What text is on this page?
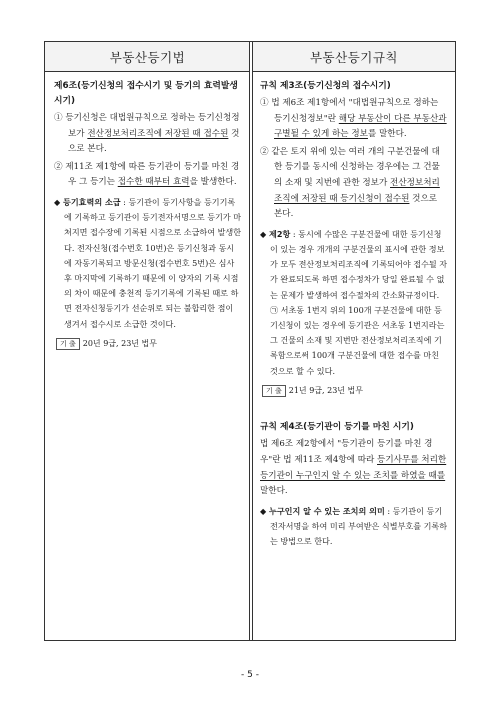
부동산등기법	부동산등기규칙
제6조(등기신청의 접수시기 및 등기의 효력발생시기)
① 등기신청은 대법원규칙으로 정하는 등기신청정보가 전산정보처리조직에 저장된 때 접수된 것으로 본다.
② 제11조 제1항에 따른 등기관이 등기를 마친 경우 그 등기는 접수한 때부터 효력을 발생한다.
◆ 등기효력의 소급 : 등기관이 등기사항을 등기기록에 기록하고 등기관이 등기전자서명으로 등기가 마쳐지면 접수장에 기록된 시점으로 소급하여 발생한다. 전자신청(접수번호 10번)은 등기신청과 동시에 자동기록되고 방문신청(접수번호 5번)은 심사 후 마지막에 기록하기 때문에 이 양자의 기록 시점의 차이 때문에 충천적 등기기록에 기록된 때로 하면 전자신청등기가 선순위로 되는 불합리한 점이 생겨서 접수시로 소급한 것이다.
기 출 20년 9급, 23년 법무
규칙 제3조(등기신청의 접수시기)
① 법 제6조 제1항에서 "대법원규칙으로 정하는 등기신청정보"란 해당 부동산이 다른 부동산과 구별될 수 있게 하는 정보를 말한다.
② 같은 토지 위에 있는 여러 개의 구분건물에 대한 등기를 동시에 신청하는 경우에는 그 건물의 소재 및 지번에 관한 정보가 전산정보처리조직에 저장된 때 등기신청이 접수된 것으로 본다.
◆ 제2항 : 동시에 수많은 구분건물에 대한 등기신청이 있는 경우 개개의 구분건물의 표시에 관한 정보가 모두 전산정보처리조직에 기록되어야 접수될 자가 완료되도록 하면 접수정차가 당일 완료될 수 없는 문제가 발생하여 접수절차의 간소화규정이다.
㉠ 서초동 1번지 위의 100개 구분건물에 대한 등기신청이 있는 경우에 등기관은 서초동 1번지라는 그 건물의 소재 및 지번만 전산정보처리조직에 기록함으로써 100개 구분건물에 대한 접수를 마친 것으로 할 수 있다.
기 출 21년 9급, 23년 법무
규칙 제4조(등기관이 등기를 마친 시기)
법 제6조 제2항에서 "등기관이 등기를 마친 경우"란 법 제11조 제4항에 따라 등기사무를 처리한 등기관이 누구인지 알 수 있는 조치를 하였을 때를 말한다.
◆ 누구인지 알 수 있는 조치의 의미 : 등기관이 등기전자서명을 하여 미리 부여받은 식별부호를 기록하는 방법으로 한다.
- 5 -
